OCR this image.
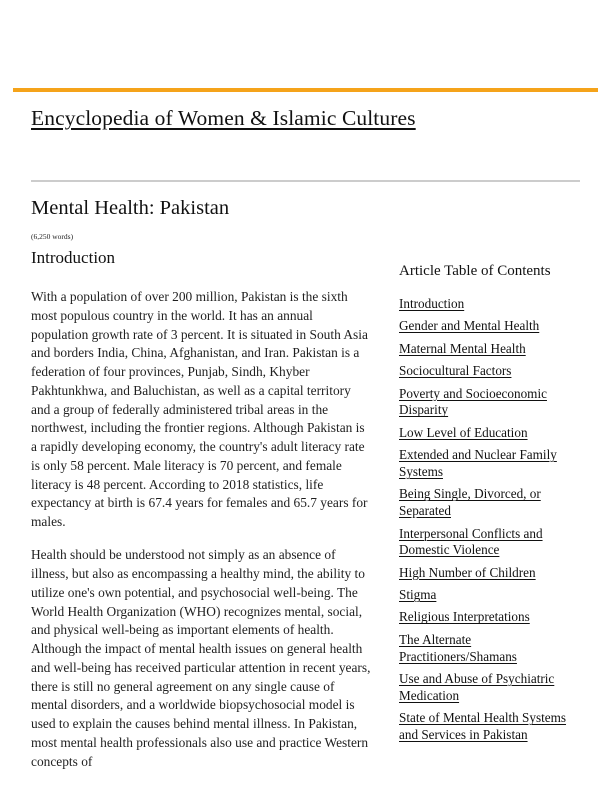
Encyclopedia of Women & Islamic Cultures
Mental Health: Pakistan
(6,250 words)
Introduction

With a population of over 200 million, Pakistan is the sixth most populous country in the world. It has an annual population growth rate of 3 percent. It is situated in South Asia and borders India, China, Afghanistan, and Iran. Pakistan is a federation of four provinces, Punjab, Sindh, Khyber Pakhtunkhwa, and Baluchistan, as well as a capital territory and a group of federally administered tribal areas in the northwest, including the frontier regions. Although Pakistan is a rapidly developing economy, the country's adult literacy rate is only 58 percent. Male literacy is 70 percent, and female literacy is 48 percent. According to 2018 statistics, life expectancy at birth is 67.4 years for females and 65.7 years for males.

Health should be understood not simply as an absence of illness, but also as encompassing a healthy mind, the ability to utilize one's own potential, and psychosocial well-being. The World Health Organization (WHO) recognizes mental, social, and physical well-being as important elements of health. Although the impact of mental health issues on general health and well-being has received particular attention in recent years, there is still no general agreement on any single cause of mental disorders, and a worldwide biopsychosocial model is used to explain the causes behind mental illness. In Pakistan, most mental health professionals also use and practice Western concepts of

Article Table of Contents
Introduction
Gender and Mental Health
Maternal Mental Health
Sociocultural Factors
Poverty and Socioeconomic Disparity
Low Level of Education
Extended and Nuclear Family Systems
Being Single, Divorced, or Separated
Interpersonal Conflicts and Domestic Violence
High Number of Children
Stigma
Religious Interpretations
The Alternate Practitioners/Shamans
Use and Abuse of Psychiatric Medication
State of Mental Health Systems and Services in Pakistan
